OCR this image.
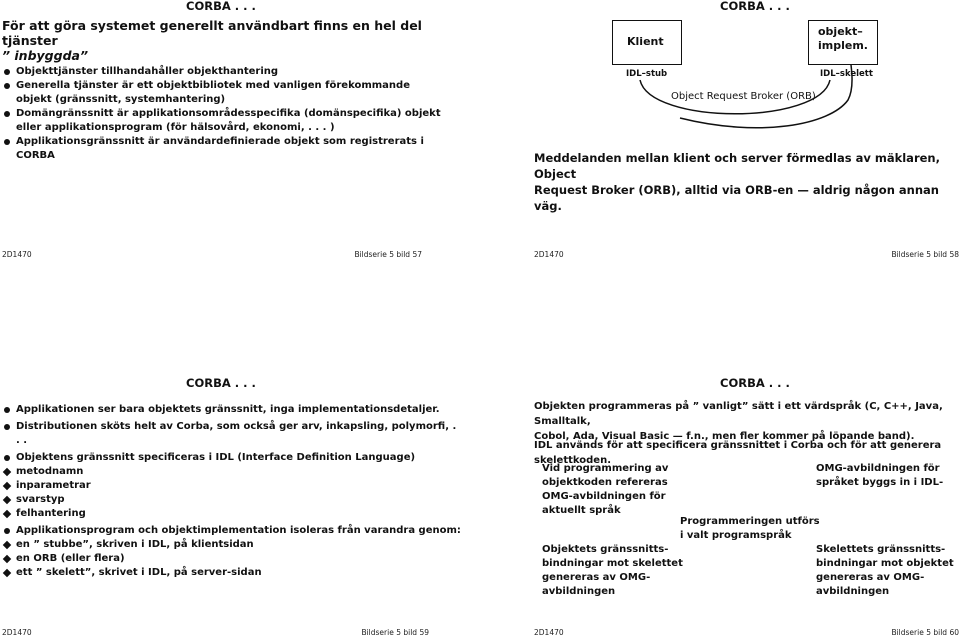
CORBA . . .
För att göra systemet generellt användbart finns en hel del tjänster
” inbyggda”
Objekttjänster tillhandahåller objekthantering
Generella tjänster är ett objektbibliotek med vanligen förekommande objekt (gränssnitt, systemhantering)
Domängränssnitt är applikationsområdesspecifika (domänspecifika) objekt eller applikationsprogram (för hälsovård, ekonomi, . . . )
Applikationsgränssnitt är användardefinierade objekt som registrerats i CORBA
2D1470	Bildserie 5 bild 57
CORBA . . .
Klient
objekt–
implem.
IDL–stub	IDL–skelett
Object Request Broker (ORB)
Meddelanden mellan klient och server förmedlas av mäklaren, Object
Request Broker (ORB), alltid via ORB-en — aldrig någon annan väg.
2D1470	Bildserie 5 bild 58
CORBA . . .
Applikationen ser bara objektets gränssnitt, inga implementationsdetaljer.
Distributionen sköts helt av Corba, som också ger arv, inkapsling, polymorfi, . . .
Objektens gränssnitt specificeras i IDL (Interface Definition Language)
metodnamn
inparametrar
svarstyp
felhantering
Applikationsprogram och objektimplementation isoleras från varandra genom:
en ” stubbe”, skriven i IDL, på klientsidan
en ORB (eller flera)
ett ” skelett”, skrivet i IDL, på server-sidan
2D1470	Bildserie 5 bild 59
CORBA . . .
Objekten programmeras på ” vanligt” sätt i ett värdspråk (C, C++, Java, Smalltalk,
Cobol, Ada, Visual Basic — f.n., men fler kommer på löpande band).
IDL används för att specificera gränssnittet i Corba och för att generera skelettkoden.
Vid programmering av
objektkoden refereras
OMG-avbildningen för
aktuellt språk
Objektets gränssnitts-
bindningar mot skelettet
genereras av OMG-
avbildningen
Programmeringen utförs
i valt programspråk
OMG-avbildningen för
språket byggs in i IDL-
Skelettets gränssnitts-
bindningar mot objektet
genereras av OMG-
avbildningen
2D1470	Bildserie 5 bild 60
